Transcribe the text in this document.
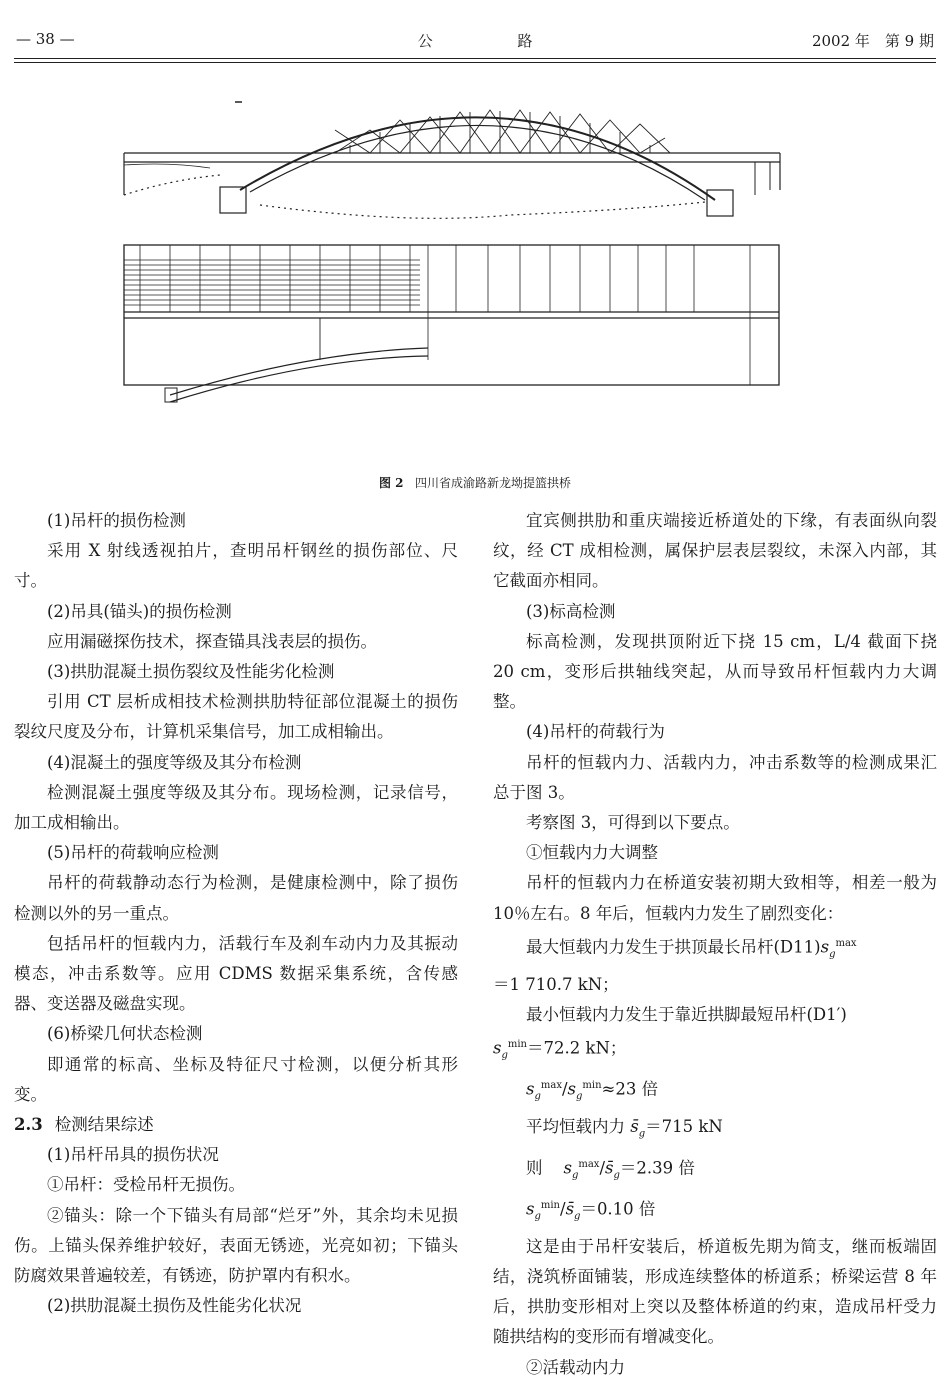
— 38 —	公 路	2002 年　第 9 期
图 2 四川省成渝路新龙坳提篮拱桥

(1)吊杆的损伤检测

采用 X 射线透视拍片，查明吊杆钢丝的损伤部位、尺寸。

(2)吊具(锚头)的损伤检测

应用漏磁探伤技术，探查锚具浅表层的损伤。

(3)拱肋混凝土损伤裂纹及性能劣化检测

引用 CT 层析成相技术检测拱肋特征部位混凝土的损伤裂纹尺度及分布，计算机采集信号，加工成相输出。

(4)混凝土的强度等级及其分布检测

检测混凝土强度等级及其分布。现场检测，记录信号，加工成相输出。

(5)吊杆的荷载响应检测

吊杆的荷载静动态行为检测，是健康检测中，除了损伤检测以外的另一重点。

包括吊杆的恒载内力，活载行车及刹车动内力及其振动模态，冲击系数等。应用 CDMS 数据采集系统，含传感器、变送器及磁盘实现。

(6)桥梁几何状态检测

即通常的标高、坐标及特征尺寸检测，以便分析其形变。

2.3 检测结果综述

(1)吊杆吊具的损伤状况

①吊杆：受检吊杆无损伤。

②锚头：除一个下锚头有局部“烂牙”外，其余均未见损伤。上锚头保养维护较好，表面无锈迹，光亮如初；下锚头防腐效果普遍较差，有锈迹，防护罩内有积水。

(2)拱肋混凝土损伤及性能劣化状况

宜宾侧拱肋和重庆端接近桥道处的下缘，有表面纵向裂纹，经 CT 成相检测，属保护层表层裂纹，未深入内部，其它截面亦相同。

(3)标高检测

标高检测，发现拱顶附近下挠 15 cm，L/4 截面下挠 20 cm，变形后拱轴线突起，从而导致吊杆恒载内力大调整。

(4)吊杆的荷载行为

吊杆的恒载内力、活载内力，冲击系数等的检测成果汇总于图 3。

考察图 3，可得到以下要点。

①恒载内力大调整

吊杆的恒载内力在桥道安装初期大致相等，相差一般为 10％左右。8 年后，恒载内力发生了剧烈变化：

最大恒载内力发生于拱顶最长吊杆$(D11)s_g^{max}$

＝1 710.7 kN；

最小恒载内力发生于靠近拱脚最短吊杆(D1′)

$s_g^{min}=72.2$ kN；

$s_g^{max}/s_g^{min}\approx 23$ 倍

平均恒载内力 $s̄_g=715$ kN

则 $s_g^{max}/s̄_g=2.39$ 倍

$s_g^{min}/s̄_g=0.10$ 倍

这是由于吊杆安装后，桥道板先期为简支，继而板端固结，浇筑桥面铺装，形成连续整体的桥道系；桥梁运营 8 年后，拱肋变形相对上突以及整体桥道的约束，造成吊杆受力随拱结构的变形而有增减变化。

②活载动内力
